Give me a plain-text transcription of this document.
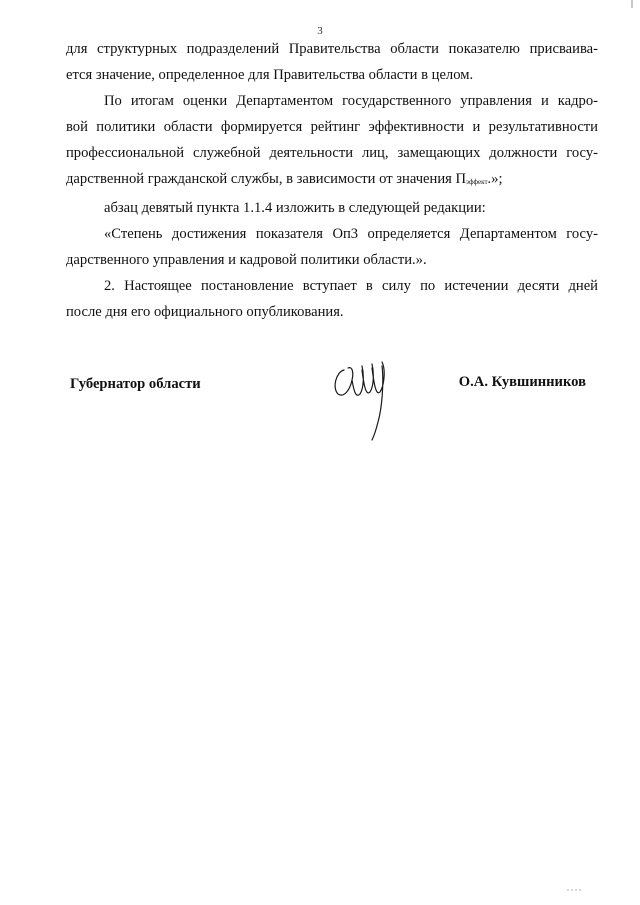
3

для структурных подразделений Правительства области показателю присваива-
ется значение, определенное для Правительства области в целом.

По итогам оценки Департаментом государственного управления и кадро-
вой политики области формируется рейтинг эффективности и результативности
профессиональной служебной деятельности лиц, замещающих должности госу-
дарственной гражданской службы, в зависимости от значения Пэффект.»;

абзац девятый пункта 1.1.4 изложить в следующей редакции:

«Степень достижения показателя Оп3 определяется Департаментом госу-
дарственного управления и кадровой политики области.».

2. Настоящее постановление вступает в силу по истечении десяти дней
после дня его официального опубликования.

Губернатор области	О.А. Кувшинников
